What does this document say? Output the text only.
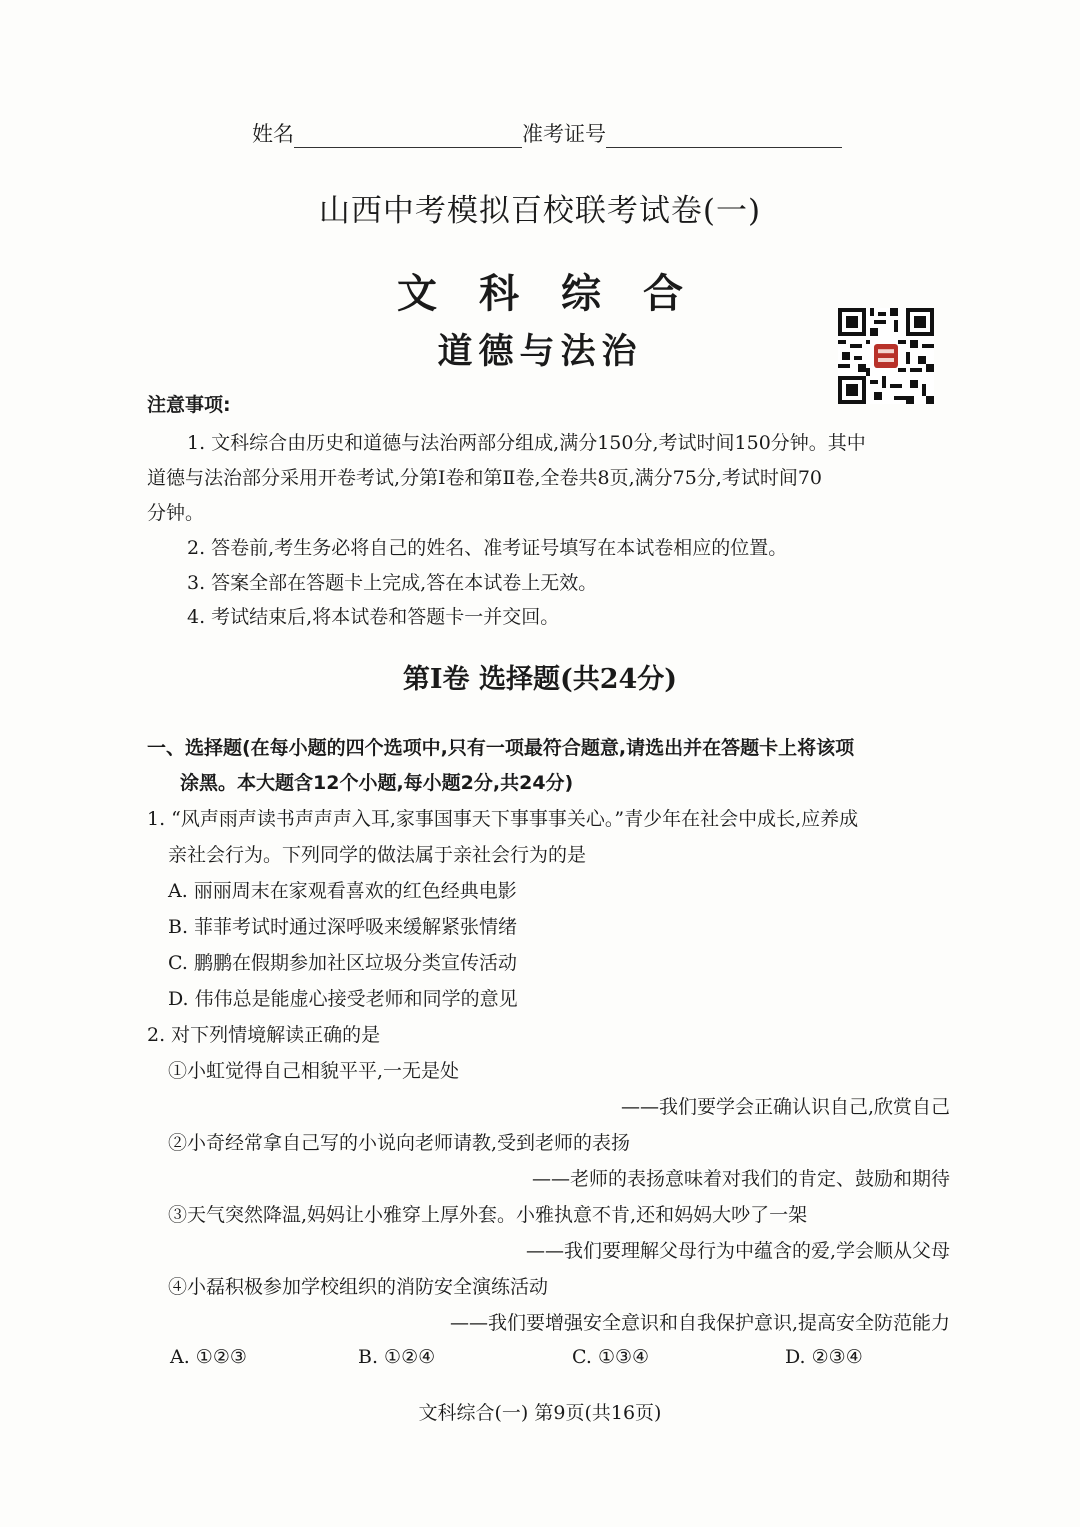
姓名	准考证号
山西中考模拟百校联考试卷(一)
文科综合
道德与法治
注意事项:
1. 文科综合由历史和道德与法治两部分组成,满分150分,考试时间150分钟。其中
道德与法治部分采用开卷考试,分第Ⅰ卷和第Ⅱ卷,全卷共8页,满分75分,考试时间70
分钟。
2. 答卷前,考生务必将自己的姓名、准考证号填写在本试卷相应的位置。
3. 答案全部在答题卡上完成,答在本试卷上无效。
4. 考试结束后,将本试卷和答题卡一并交回。
第Ⅰ卷 选择题(共24分)
一、选择题(在每小题的四个选项中,只有一项最符合题意,请选出并在答题卡上将该项
涂黑。本大题含12个小题,每小题2分,共24分)
1. “风声雨声读书声声声入耳,家事国事天下事事事关心。”青少年在社会中成长,应养成
亲社会行为。下列同学的做法属于亲社会行为的是
A. 丽丽周末在家观看喜欢的红色经典电影
B. 菲菲考试时通过深呼吸来缓解紧张情绪
C. 鹏鹏在假期参加社区垃圾分类宣传活动
D. 伟伟总是能虚心接受老师和同学的意见
2. 对下列情境解读正确的是
①小虹觉得自己相貌平平,一无是处
——我们要学会正确认识自己,欣赏自己
②小奇经常拿自己写的小说向老师请教,受到老师的表扬
——老师的表扬意味着对我们的肯定、鼓励和期待
③天气突然降温,妈妈让小雅穿上厚外套。小雅执意不肯,还和妈妈大吵了一架
——我们要理解父母行为中蕴含的爱,学会顺从父母
④小磊积极参加学校组织的消防安全演练活动
——我们要增强安全意识和自我保护意识,提高安全防范能力
A. ①②③	B. ①②④	C. ①③④	D. ②③④
文科综合(一) 第9页(共16页)
